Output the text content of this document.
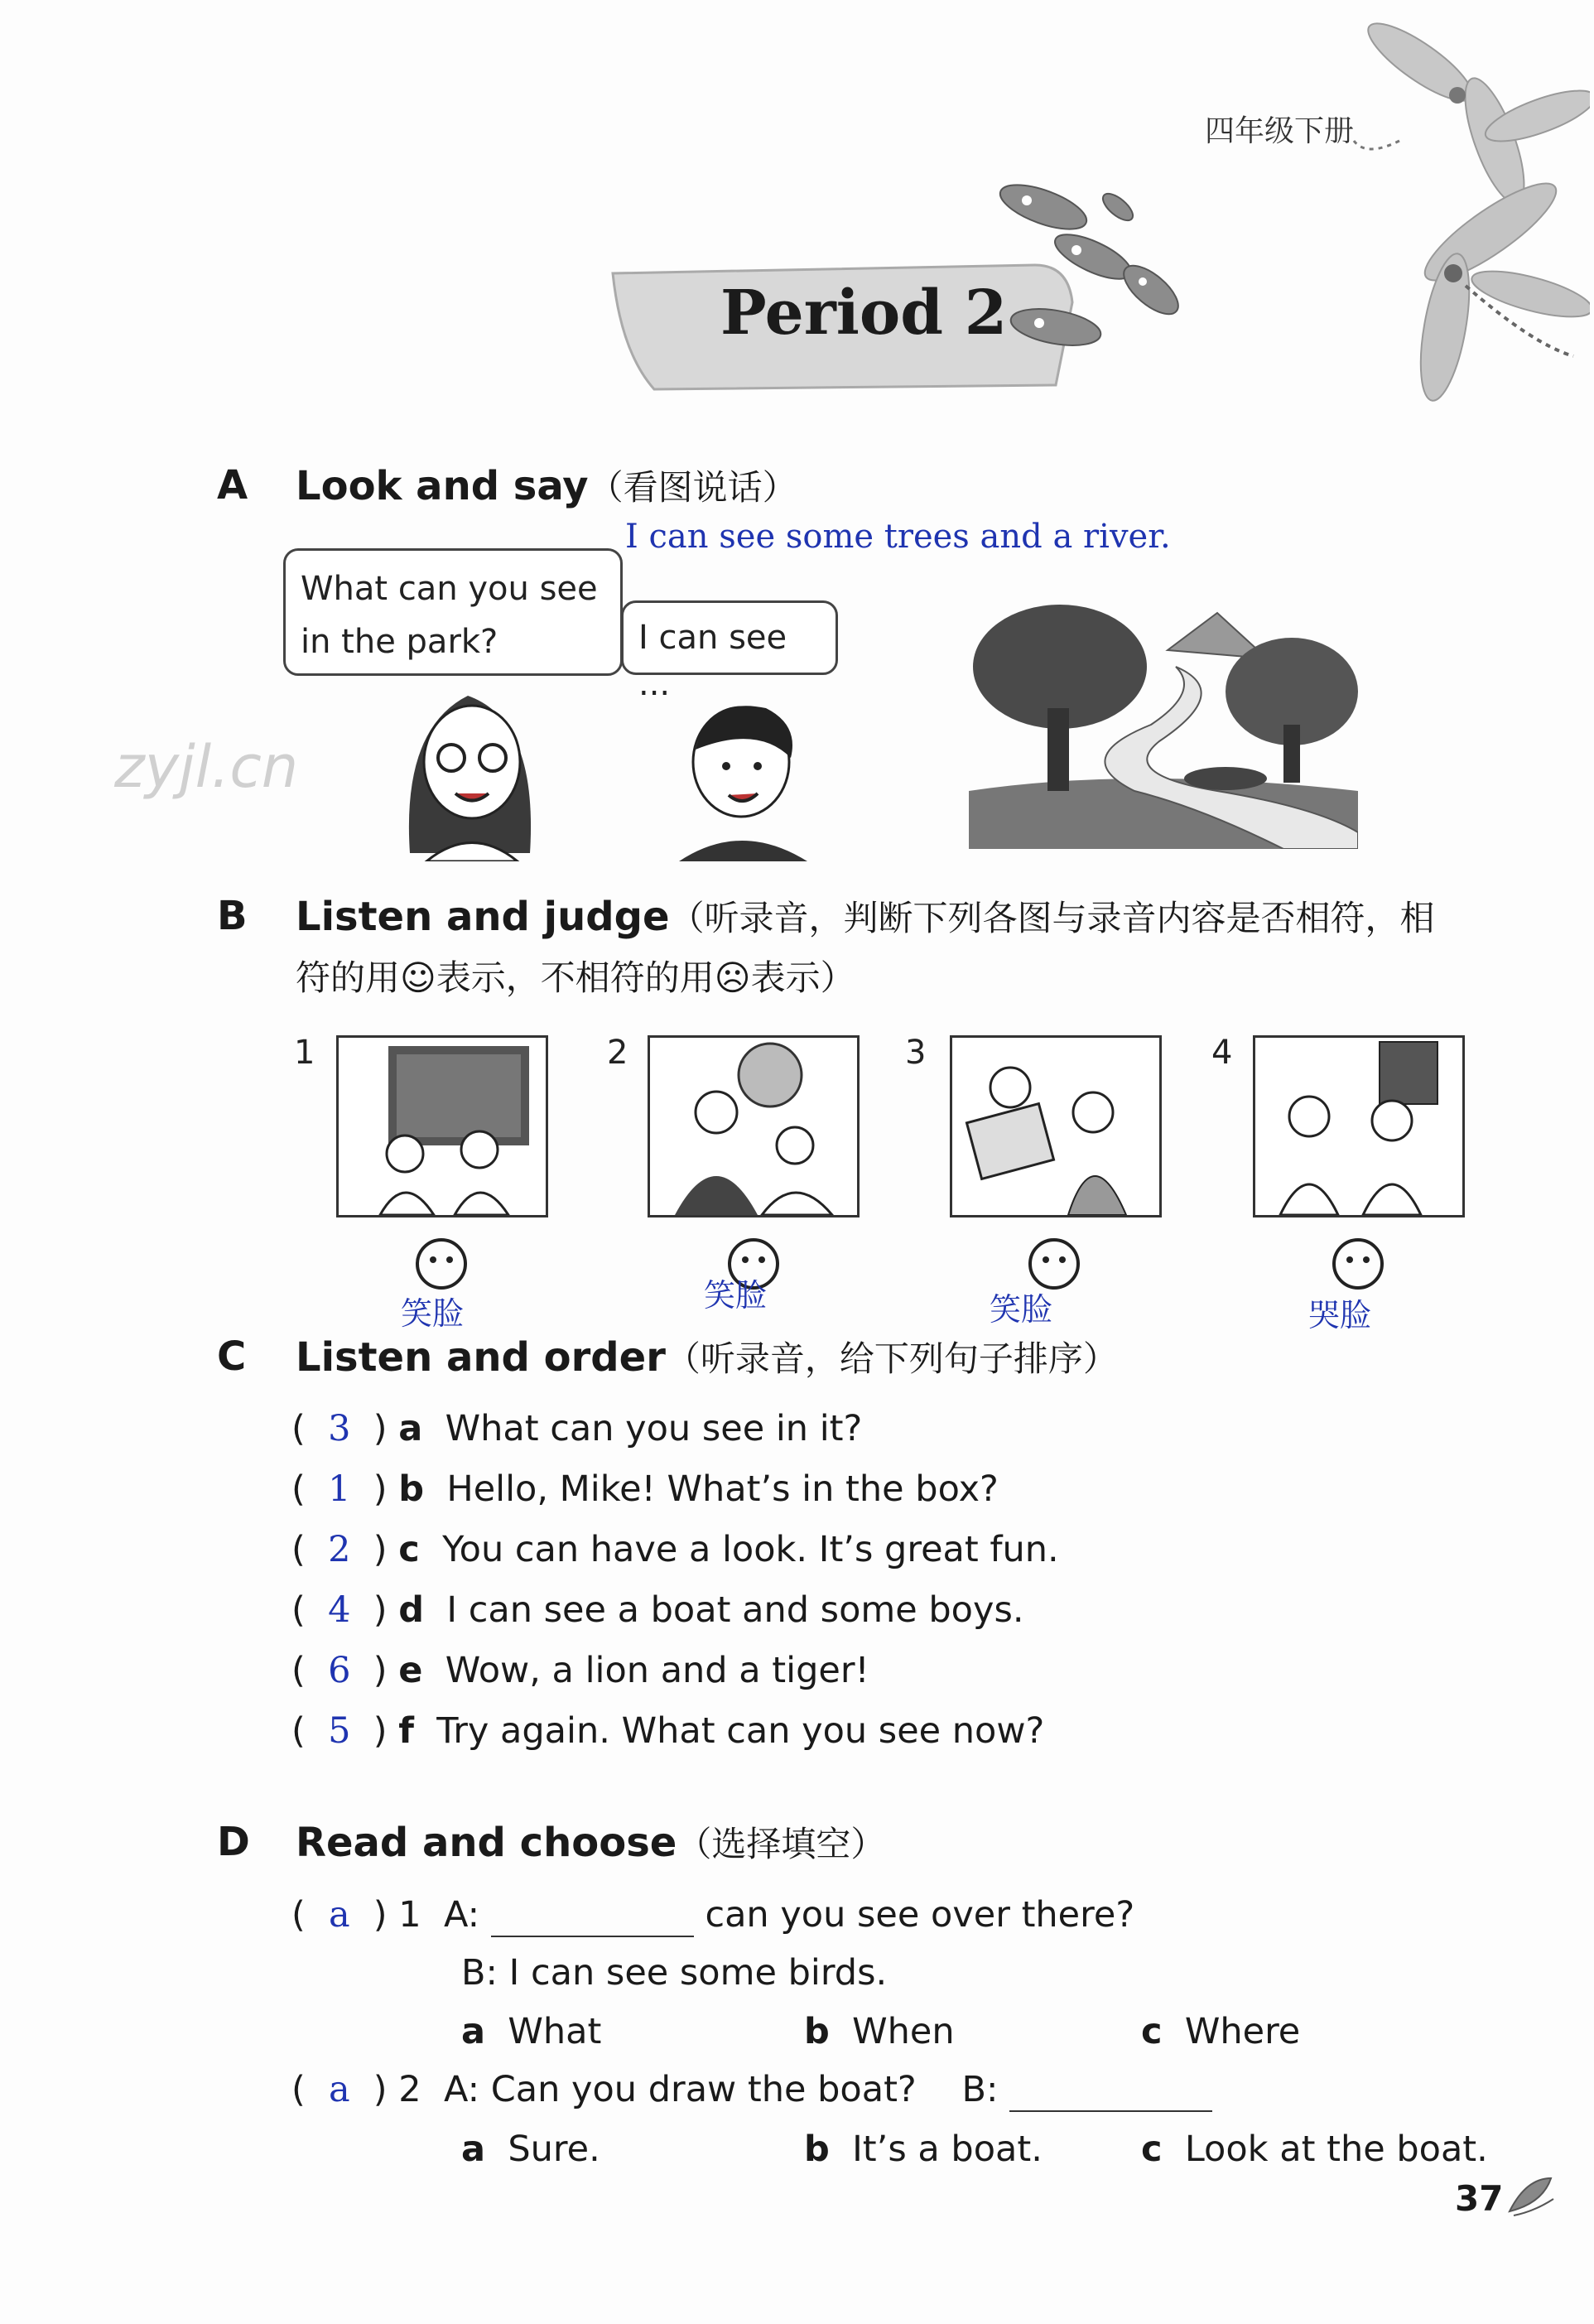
四年级下册
Period 2
A Look and say（看图说话）
I can see some trees and a river.
What can you see
in the park?	I can see ...
zyjl.cn
B Listen and judge（听录音，判断下列各图与录音内容是否相符，相
符的用☺表示，不相符的用☹表示）
1	2	3	4
笑脸	笑脸	笑脸	哭脸
C Listen and order（听录音，给下列句子排序）
( 3 ) a What can you see in it?
( 1 ) b Hello, Mike! What’s in the box?
( 2 ) c You can have a look. It’s great fun.
( 4 ) d I can see a boat and some boys.
( 6 ) e Wow, a lion and a tiger!
( 5 ) f Try again. What can you see now?
D Read and choose（选择填空）
( a ) 1 A:	can you see over there?
B: I can see some birds.
a What	b When	c Where
( a ) 2 A: Can you draw the boat? B:
a Sure.	b It’s a boat.	c Look at the boat.
37
